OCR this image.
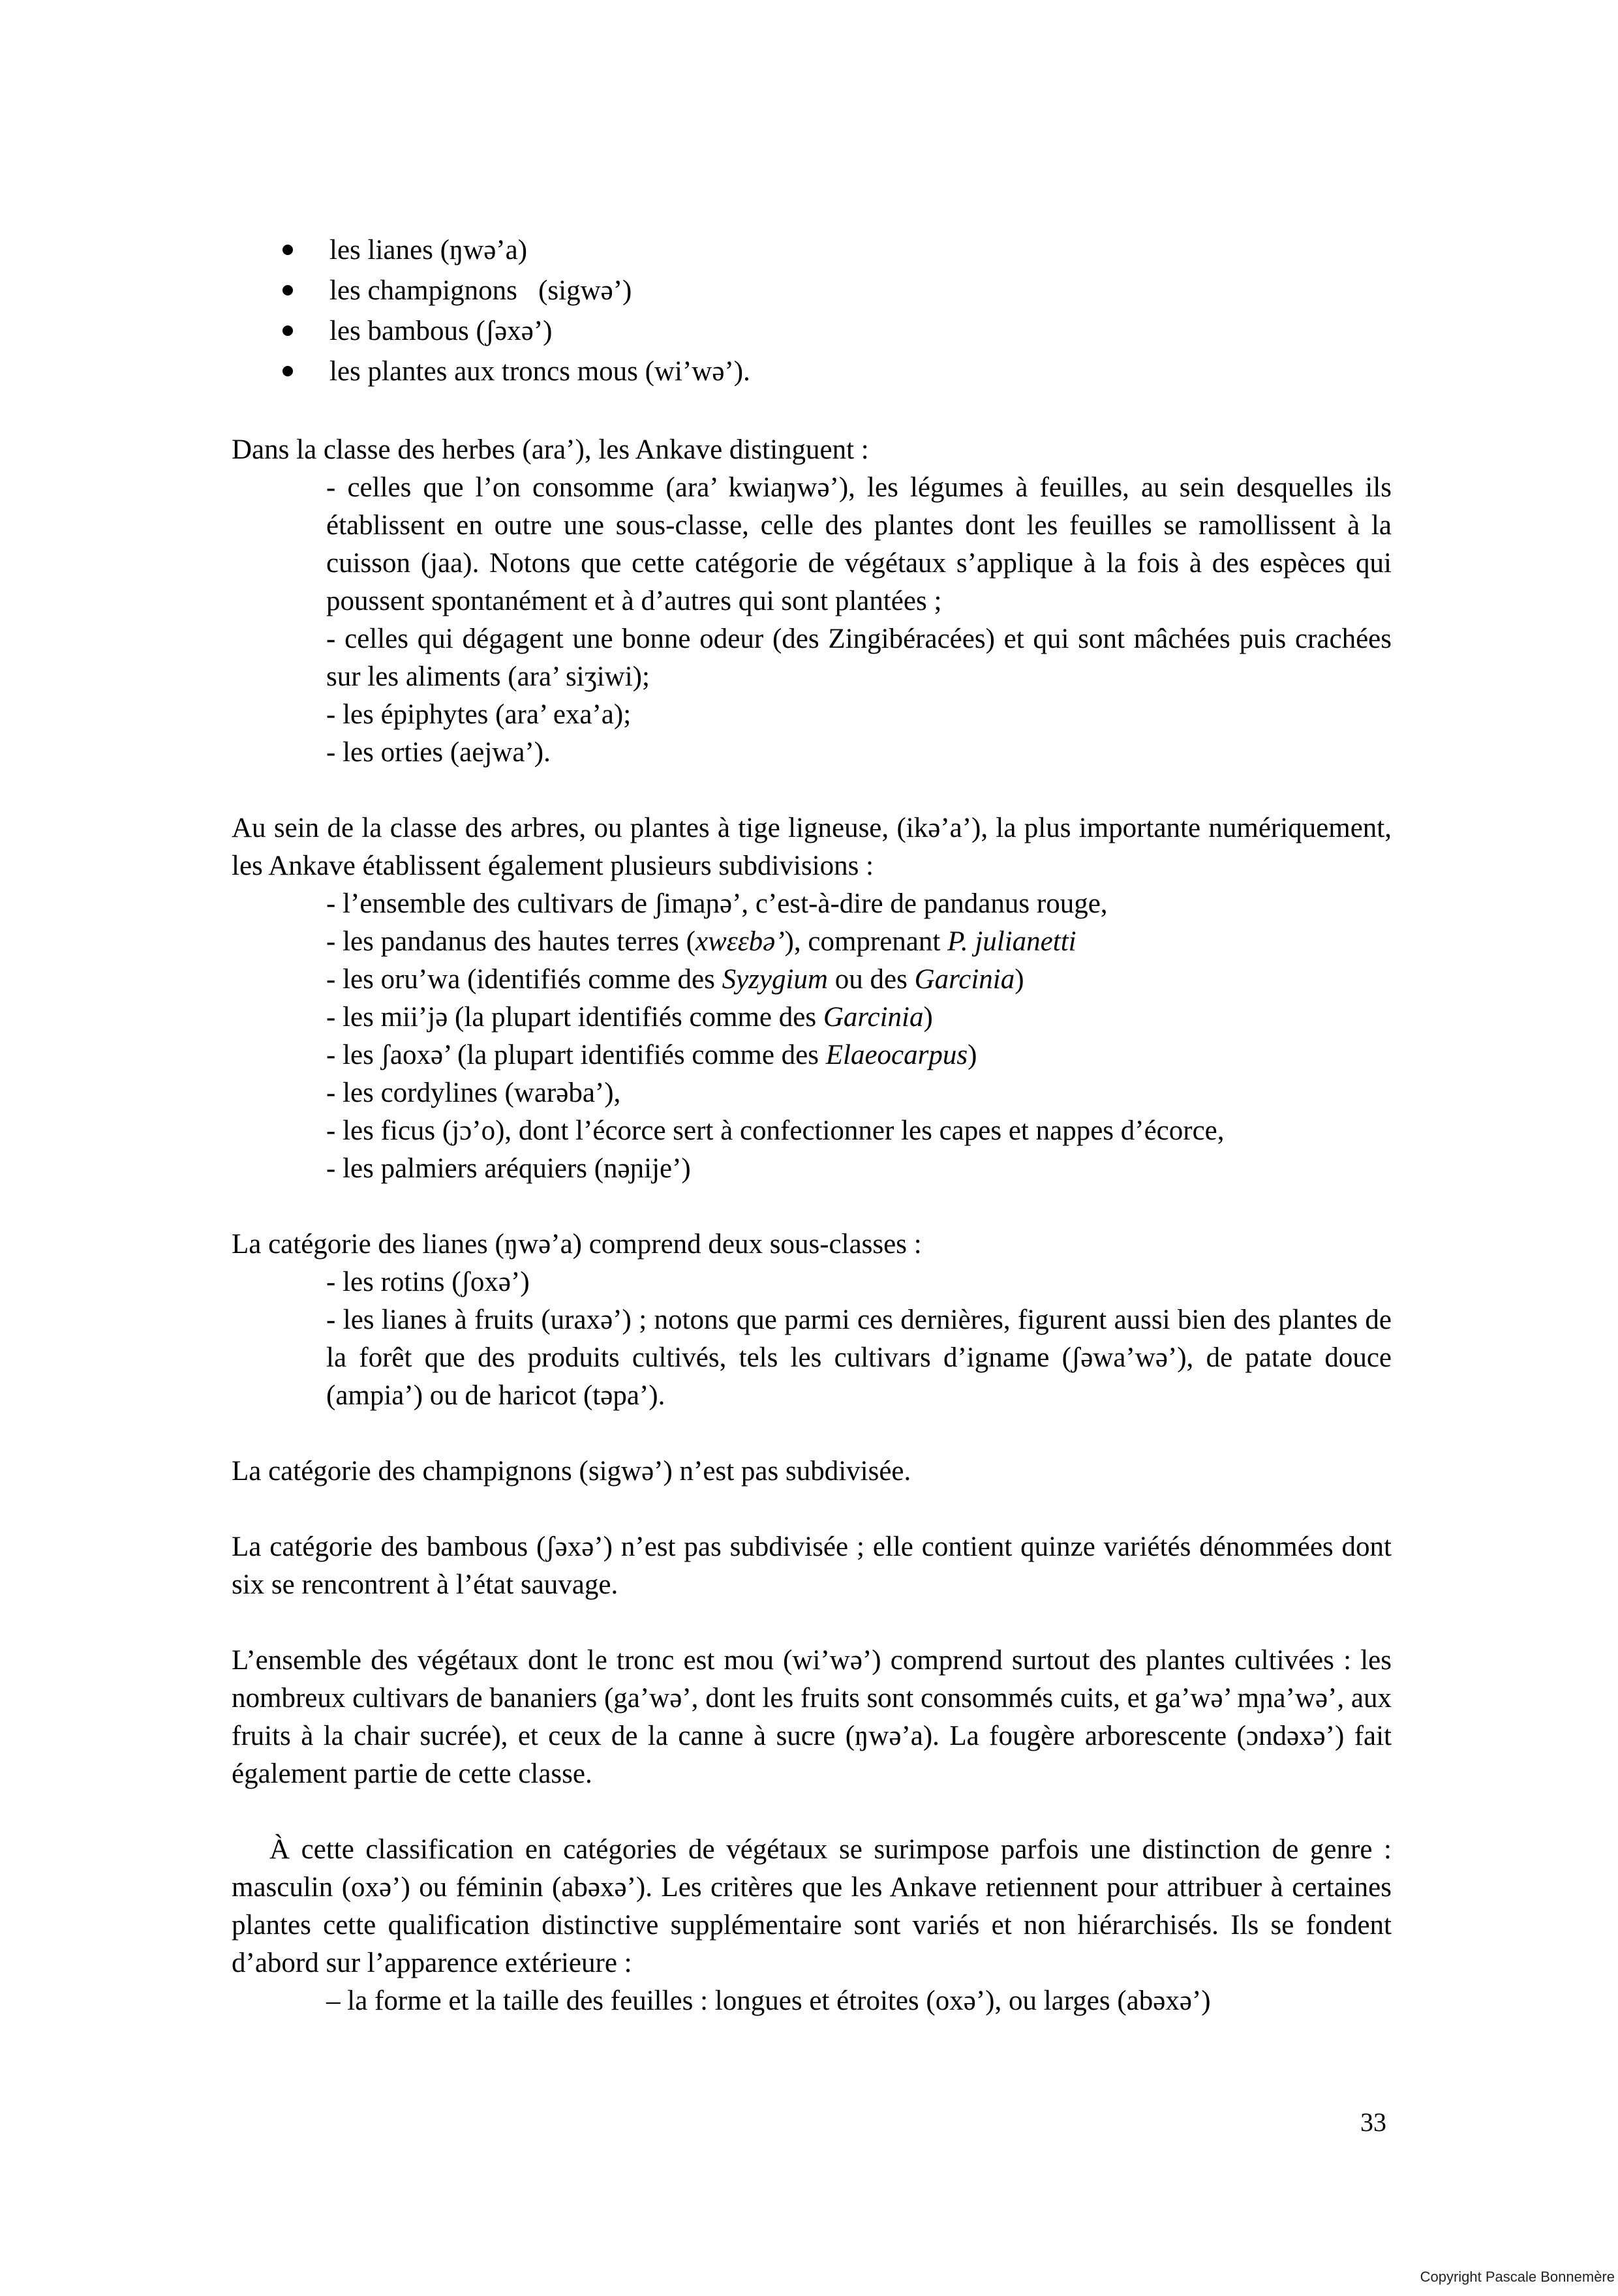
les lianes (ŋwə’a)
les champignons   (sigwə’)
les bambous (ʃəxə’)
les plantes aux troncs mous (wi’wə’).

Dans la classe des herbes (ara’), les Ankave distinguent :

- celles que l’on consomme (ara’ kwiaŋwə’), les légumes à feuilles, au sein desquelles ils établissent en outre une sous-classe, celle des plantes dont les feuilles se ramollissent à la cuisson (jaa). Notons que cette catégorie de végétaux s’applique à la fois à des espèces qui poussent spontanément et à d’autres qui sont plantées ;

- celles qui dégagent une bonne odeur (des Zingibéracées) et qui sont mâchées puis crachées sur les aliments (ara’ siʒiwi);

- les épiphytes (ara’ exa’a);

- les orties (aejwa’).

Au sein de la classe des arbres, ou plantes à tige ligneuse, (ikə’a’), la plus importante numériquement, les Ankave établissent également plusieurs subdivisions :

- l’ensemble des cultivars de ʃimaɲə’, c’est-à-dire de pandanus rouge,

- les pandanus des hautes terres (xwεεbə’), comprenant P. julianetti

- les oru’wa (identifiés comme des Syzygium ou des Garcinia)

- les mii’jə (la plupart identifiés comme des Garcinia)

- les ʃaoxə’ (la plupart identifiés comme des Elaeocarpus)

- les cordylines (warəba’),

- les ficus (jɔ’o), dont l’écorce sert à confectionner les capes et nappes d’écorce,

- les palmiers aréquiers (nəɲije’)

La catégorie des lianes (ŋwə’a) comprend deux sous-classes :

- les rotins (ʃoxə’)

- les lianes à fruits (uraxə’) ; notons que parmi ces dernières, figurent aussi bien des plantes de la forêt que des produits cultivés, tels les cultivars d’igname (ʃəwa’wə’), de patate douce (ampia’) ou de haricot (təpa’).

La catégorie des champignons (sigwə’) n’est pas subdivisée.

La catégorie des bambous (ʃəxə’) n’est pas subdivisée ; elle contient quinze variétés dénommées dont six se rencontrent à l’état sauvage.

L’ensemble des végétaux dont le tronc est mou (wi’wə’) comprend surtout des plantes cultivées : les nombreux cultivars de bananiers (ga’wə’, dont les fruits sont consommés cuits, et ga’wə’ mɲa’wə’, aux fruits à la chair sucrée), et ceux de la canne à sucre (ŋwə’a). La fougère arborescente (ɔndəxə’) fait également partie de cette classe.

À cette classification en catégories de végétaux se surimpose parfois une distinction de genre : masculin (oxə’) ou féminin (abəxə’). Les critères que les Ankave retiennent pour attribuer à certaines plantes cette qualification distinctive supplémentaire sont variés et non hiérarchisés. Ils se fondent d’abord sur l’apparence extérieure :

– la forme et la taille des feuilles : longues et étroites (oxə’), ou larges (abəxə’)

33
Copyright Pascale Bonnemère
